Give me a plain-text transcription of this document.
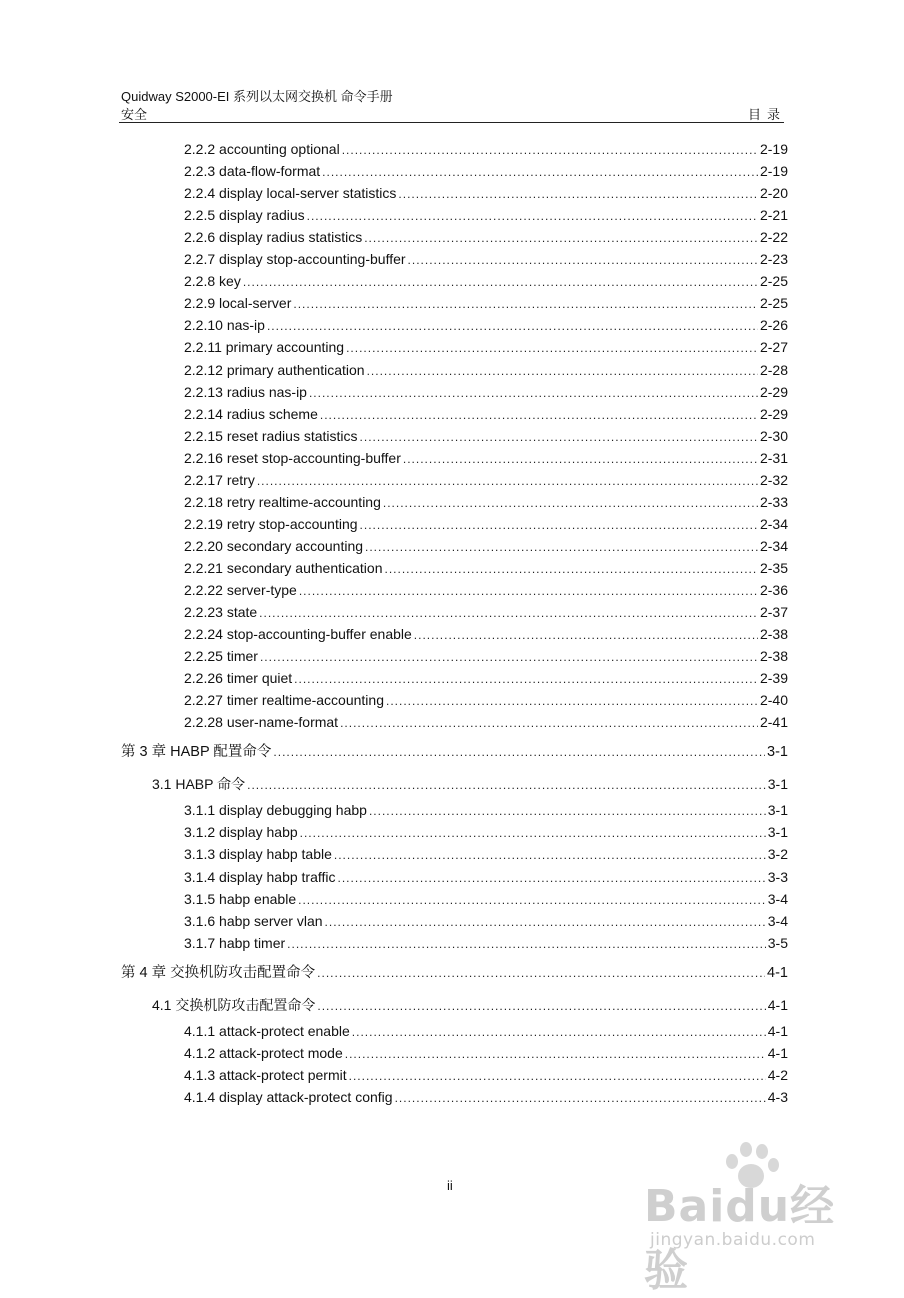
Quidway S2000-EI 系列以太网交换机 命令手册
安全	目录
2.2.2 accounting optional .....	2-19
2.2.3 data-flow-format .....	2-19
2.2.4 display local-server statistics .....	2-20
2.2.5 display radius .....	2-21
2.2.6 display radius statistics .....	2-22
2.2.7 display stop-accounting-buffer .....	2-23
2.2.8 key .....	2-25
2.2.9 local-server .....	2-25
2.2.10 nas-ip .....	2-26
2.2.11 primary accounting .....	2-27
2.2.12 primary authentication .....	2-28
2.2.13 radius nas-ip .....	2-29
2.2.14 radius scheme .....	2-29
2.2.15 reset radius statistics .....	2-30
2.2.16 reset stop-accounting-buffer .....	2-31
2.2.17 retry .....	2-32
2.2.18 retry realtime-accounting .....	2-33
2.2.19 retry stop-accounting .....	2-34
2.2.20 secondary accounting .....	2-34
2.2.21 secondary authentication .....	2-35
2.2.22 server-type .....	2-36
2.2.23 state .....	2-37
2.2.24 stop-accounting-buffer enable .....	2-38
2.2.25 timer .....	2-38
2.2.26 timer quiet .....	2-39
2.2.27 timer realtime-accounting .....	2-40
2.2.28 user-name-format .....	2-41
第 3 章 HABP 配置命令 .....	3-1
3.1 HABP 命令 .....	3-1
3.1.1 display debugging habp .....	3-1
3.1.2 display habp .....	3-1
3.1.3 display habp table .....	3-2
3.1.4 display habp traffic .....	3-3
3.1.5 habp enable .....	3-4
3.1.6 habp server vlan .....	3-4
3.1.7 habp timer .....	3-5
第 4 章 交换机防攻击配置命令 .....	4-1
4.1 交换机防攻击配置命令 .....	4-1
4.1.1 attack-protect enable .....	4-1
4.1.2 attack-protect mode .....	4-1
4.1.3 attack-protect permit .....	4-2
4.1.4 display attack-protect config .....	4-3
ii	Baidu经验
jingyan.baidu.com
